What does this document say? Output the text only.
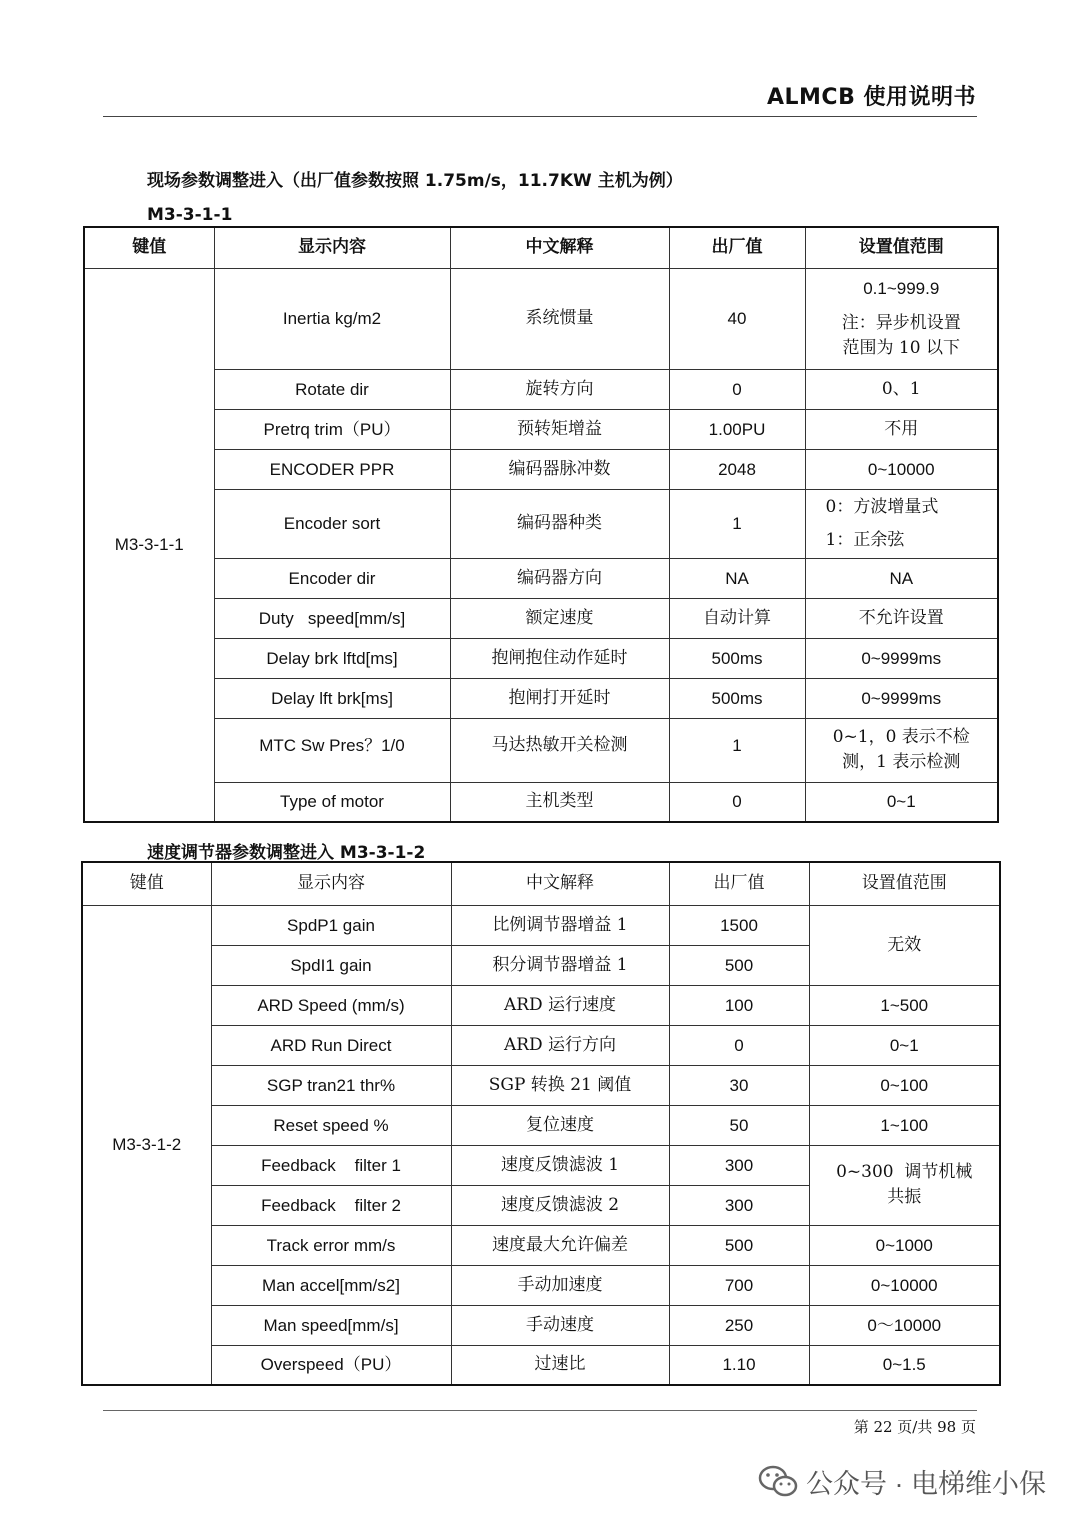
ALMCB 使用说明书
现场参数调整进入（出厂值参数按照 1.75m/s，11.7KW 主机为例）
M3-3-1-1
键值	显示内容	中文解释	出厂值	设置值范围
M3-3-1-1	Inertia kg/m2	系统惯量	40	0.1~999.9
注：异步机设置
范围为 10 以下

	Rotate dir	旋转方向	0	0、1
	Pretrq trim（PU）	预转矩增益	1.00PU	不用
	ENCODER PPR	编码器脉冲数	2048	0~10000
	Encoder sort	编码器种类	1	0：方波增量式
1：正余弦

	Encoder dir	编码器方向	NA	NA
	Duty   speed[mm/s]	额定速度	自动计算	不允许设置
	Delay brk lftd[ms]	抱闸抱住动作延时	500ms	0~9999ms
	Delay lft brk[ms]	抱闸打开延时	500ms	0~9999ms
	MTC Sw Pres？1/0	马达热敏开关检测	1	0~1，0 表示不检
测，1 表示检测

	Type of motor	主机类型	0	0~1
速度调节器参数调整进入 M3-3-1-2
键值	显示内容	中文解释	出厂值	设置值范围
M3-3-1-2	SpdP1 gain	比例调节器增益 1	1500	无效
	SpdI1 gain	积分调节器增益 1	500	
	ARD Speed (mm/s)	ARD 运行速度	100	1~500
	ARD Run Direct	ARD 运行方向	0	0~1
	SGP tran21 thr%	SGP 转换 21 阈值	30	0~100
	Reset speed %	复位速度	50	1~100
	Feedback    filter 1	速度反馈滤波 1	300	0~300  调节机械
共振

	Feedback    filter 2	速度反馈滤波 2	300	
	Track error mm/s	速度最大允许偏差	500	0~1000
	Man accel[mm/s2]	手动加速度	700	0~10000
	Man speed[mm/s]	手动速度	250	0～10000
	Overspeed（PU）	过速比	1.10	0~1.5
第 22 页/共 98 页
公众号 · 电梯维小保
